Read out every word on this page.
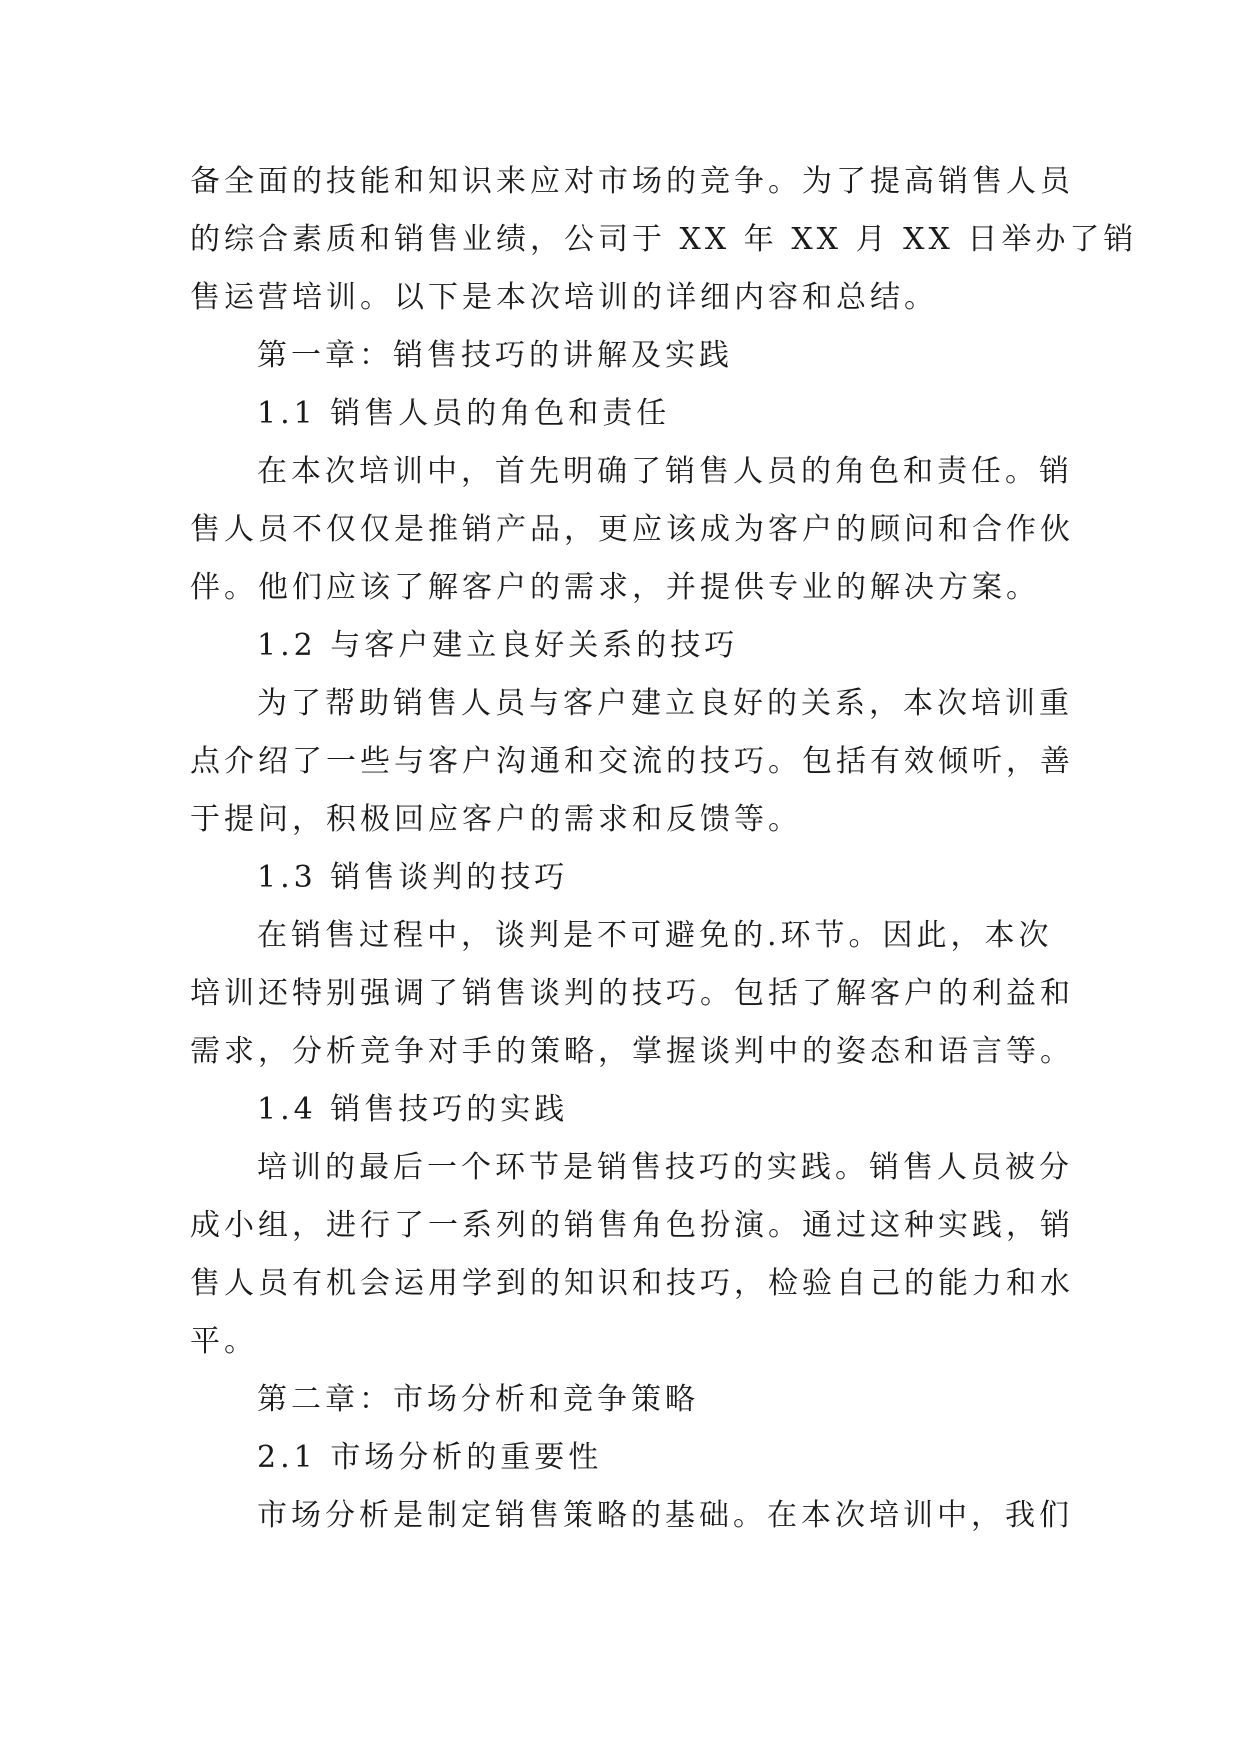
备全面的技能和知识来应对市场的竞争。为了提高销售人员
的综合素质和销售业绩，公司于 XX 年 XX 月 XX 日举办了销
售运营培训。以下是本次培训的详细内容和总结。
第一章：销售技巧的讲解及实践
1.1 销售人员的角色和责任
在本次培训中，首先明确了销售人员的角色和责任。销
售人员不仅仅是推销产品，更应该成为客户的顾问和合作伙
伴。他们应该了解客户的需求，并提供专业的解决方案。
1.2 与客户建立良好关系的技巧
为了帮助销售人员与客户建立良好的关系，本次培训重
点介绍了一些与客户沟通和交流的技巧。包括有效倾听，善
于提问，积极回应客户的需求和反馈等。
1.3 销售谈判的技巧
在销售过程中，谈判是不可避免的.环节。因此，本次
培训还特别强调了销售谈判的技巧。包括了解客户的利益和
需求，分析竞争对手的策略，掌握谈判中的姿态和语言等。
1.4 销售技巧的实践
培训的最后一个环节是销售技巧的实践。销售人员被分
成小组，进行了一系列的销售角色扮演。通过这种实践，销
售人员有机会运用学到的知识和技巧，检验自己的能力和水
平。
第二章：市场分析和竞争策略
2.1 市场分析的重要性
市场分析是制定销售策略的基础。在本次培训中，我们
